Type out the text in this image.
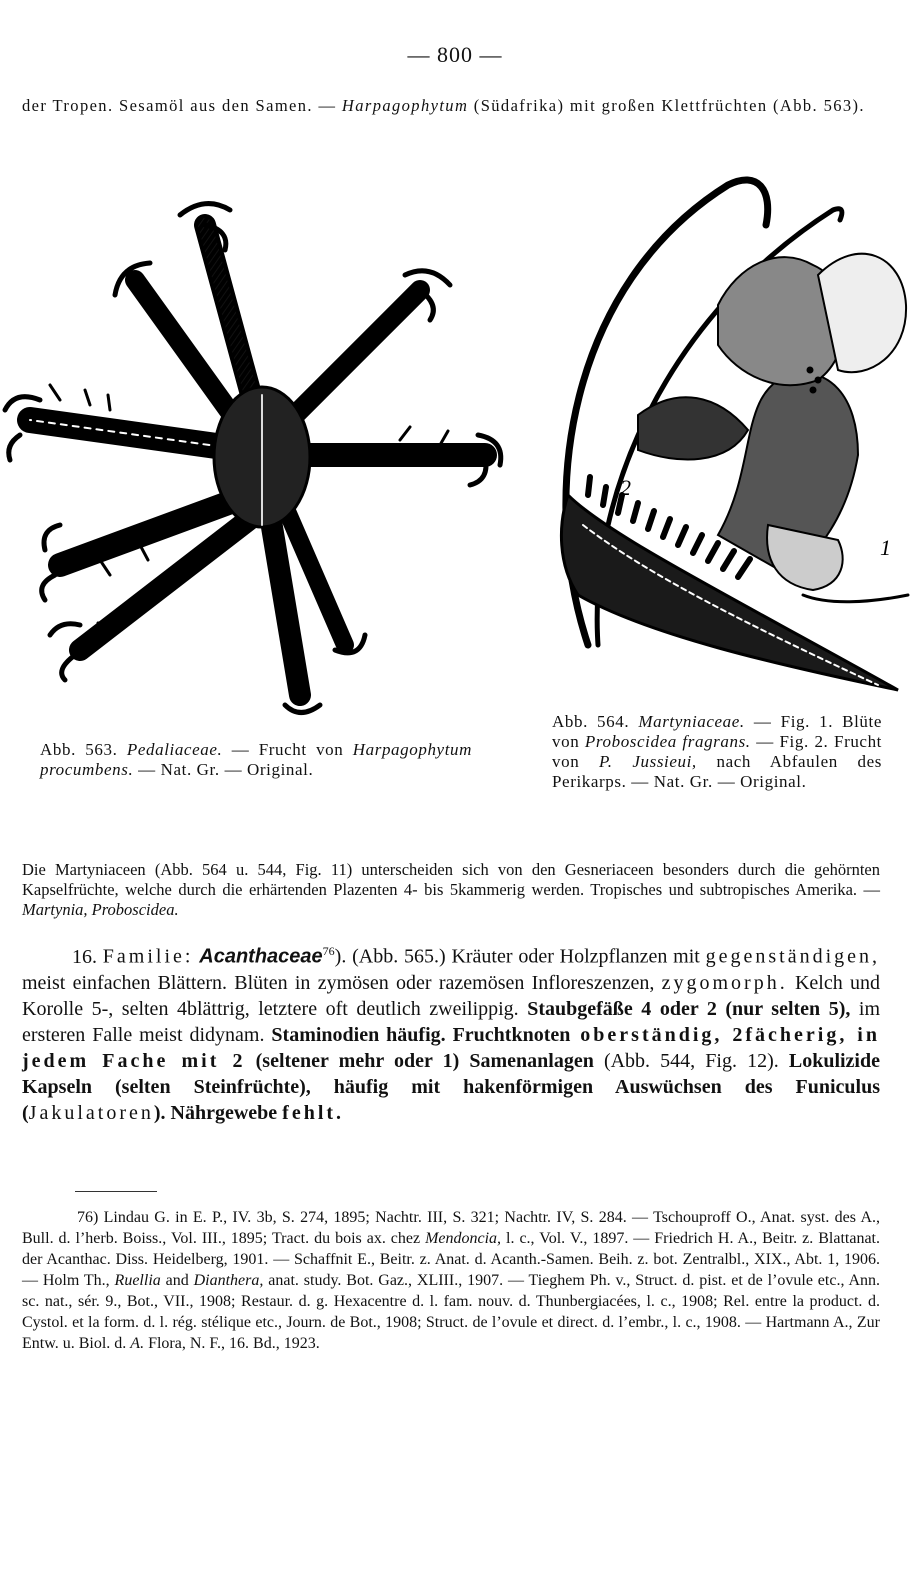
— 800 —
der Tropen. Sesamöl aus den Samen. — Harpagophytum (Südafrika) mit großen Klettfrüchten (Abb. 563).
2
1
Abb. 563. Pedaliaceae. — Frucht von Harpagophytum procumbens. — Nat. Gr. — Original.
Abb. 564. Martyniaceae. — Fig. 1. Blüte von Proboscidea fragrans. — Fig. 2. Frucht von P. Jussieui, nach Abfaulen des Perikarps. — Nat. Gr. — Original.
Die Martyniaceen (Abb. 564 u. 544, Fig. 11) unterscheiden sich von den Gesneriaceen besonders durch die gehörnten Kapselfrüchte, welche durch die erhärtenden Plazenten 4- bis 5kammerig werden. Tropisches und subtropisches Amerika. — Martynia, Proboscidea.
16. Familie: Acanthaceae$^{76}$). (Abb. 565.) Kräuter oder Holzpflanzen mit gegenständigen, meist einfachen Blättern. Blüten in zymösen oder razemösen Infloreszenzen, zygomorph. Kelch und Korolle 5-, selten 4blättrig, letztere oft deutlich zweilippig. Staubgefäße 4 oder 2 (nur selten 5), im ersteren Falle meist didynam. Staminodien häufig. Fruchtknoten oberständig, 2fächerig, in jedem Fache mit 2 (seltener mehr oder 1) Samenanlagen (Abb. 544, Fig. 12). Lokulizide Kapseln (selten Steinfrüchte), häufig mit hakenförmigen Auswüchsen des Funiculus (Jakulatoren). Nährgewebe fehlt.
76) Lindau G. in E. P., IV. 3b, S. 274, 1895; Nachtr. III, S. 321; Nachtr. IV, S. 284. — Tschouproff O., Anat. syst. des A., Bull. d. l’herb. Boiss., Vol. III., 1895; Tract. du bois ax. chez Mendoncia, l. c., Vol. V., 1897. — Friedrich H. A., Beitr. z. Blattanat. der Acanthac. Diss. Heidelberg, 1901. — Schaffnit E., Beitr. z. Anat. d. Acanth.-Samen. Beih. z. bot. Zentralbl., XIX., Abt. 1, 1906. — Holm Th., Ruellia and Dianthera, anat. study. Bot. Gaz., XLIII., 1907. — Tieghem Ph. v., Struct. d. pist. et de l’ovule etc., Ann. sc. nat., sér. 9., Bot., VII., 1908; Restaur. d. g. Hexacentre d. l. fam. nouv. d. Thunbergiacées, l. c., 1908; Rel. entre la product. d. Cystol. et la form. d. l. rég. stélique etc., Journ. de Bot., 1908; Struct. de l’ovule et direct. d. l’embr., l. c., 1908. — Hartmann A., Zur Entw. u. Biol. d. A. Flora, N. F., 16. Bd., 1923.
